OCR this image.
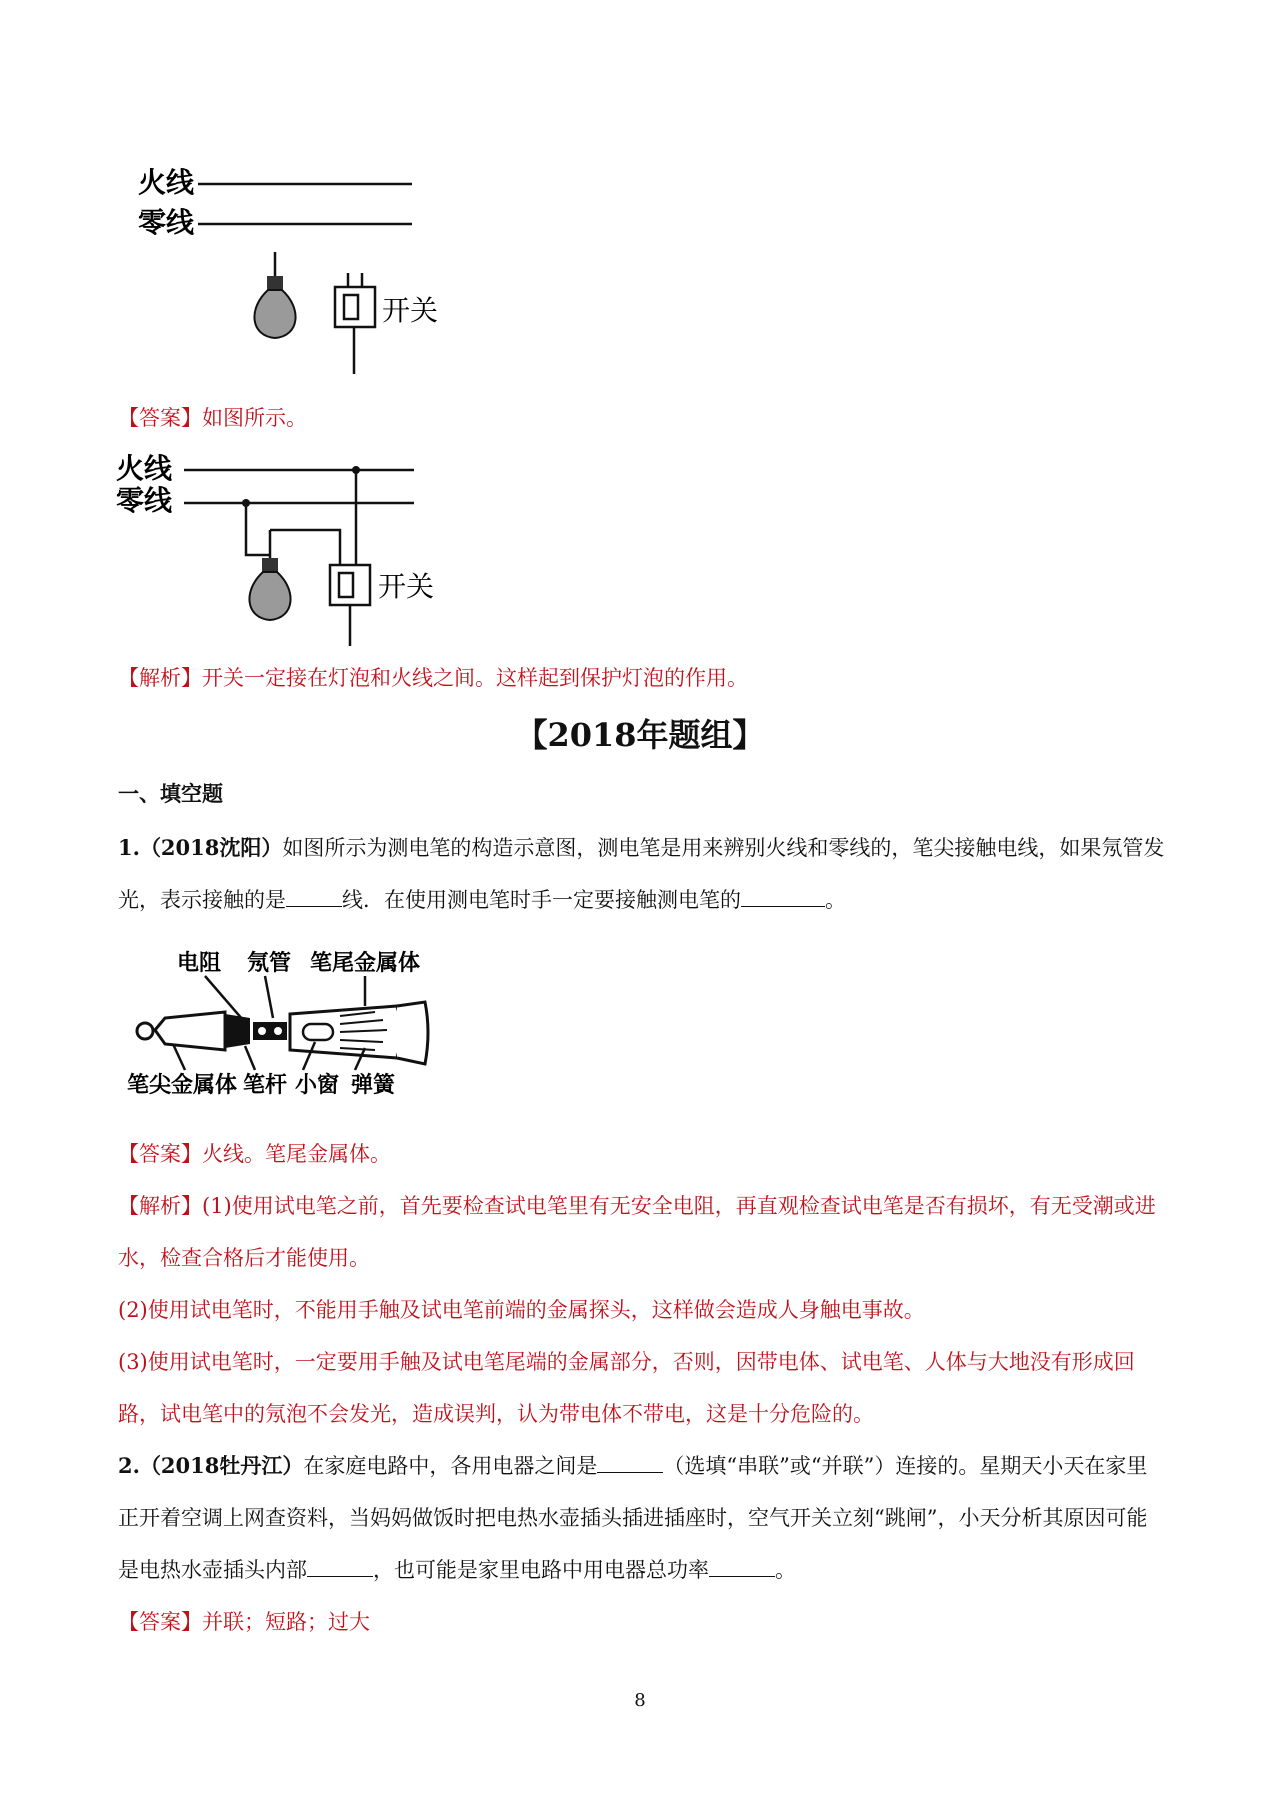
火线
零线
开关
【答案】如图所示。
火线
零线
开关
【解析】开关一定接在灯泡和火线之间。这样起到保护灯泡的作用。
【2018年题组】
一、填空题
1.（2018沈阳）如图所示为测电笔的构造示意图，测电笔是用来辨别火线和零线的，笔尖接触电线，如果氖管发光，表示接触的是	线．在使用测电笔时手一定要接触测电笔的	。
电阻 氖管 笔尾金属体
笔尖金属体 笔杆 小窗 弹簧
【答案】火线。笔尾金属体。
【解析】(1)使用试电笔之前，首先要检查试电笔里有无安全电阻，再直观检查试电笔是否有损坏，有无受潮或进水，检查合格后才能使用。
(2)使用试电笔时，不能用手触及试电笔前端的金属探头，这样做会造成人身触电事故。
(3)使用试电笔时，一定要用手触及试电笔尾端的金属部分，否则，因带电体、试电笔、人体与大地没有形成回路，试电笔中的氖泡不会发光，造成误判，认为带电体不带电，这是十分危险的。
2.（2018牡丹江）在家庭电路中，各用电器之间是	（选填“串联”或“并联”）连接的。星期天小天在家里正开着空调上网查资料，当妈妈做饭时把电热水壶插头插进插座时，空气开关立刻“跳闸”，小天分析其原因可能是电热水壶插头内部	，也可能是家里电路中用电器总功率	。
【答案】并联；短路；过大
8
